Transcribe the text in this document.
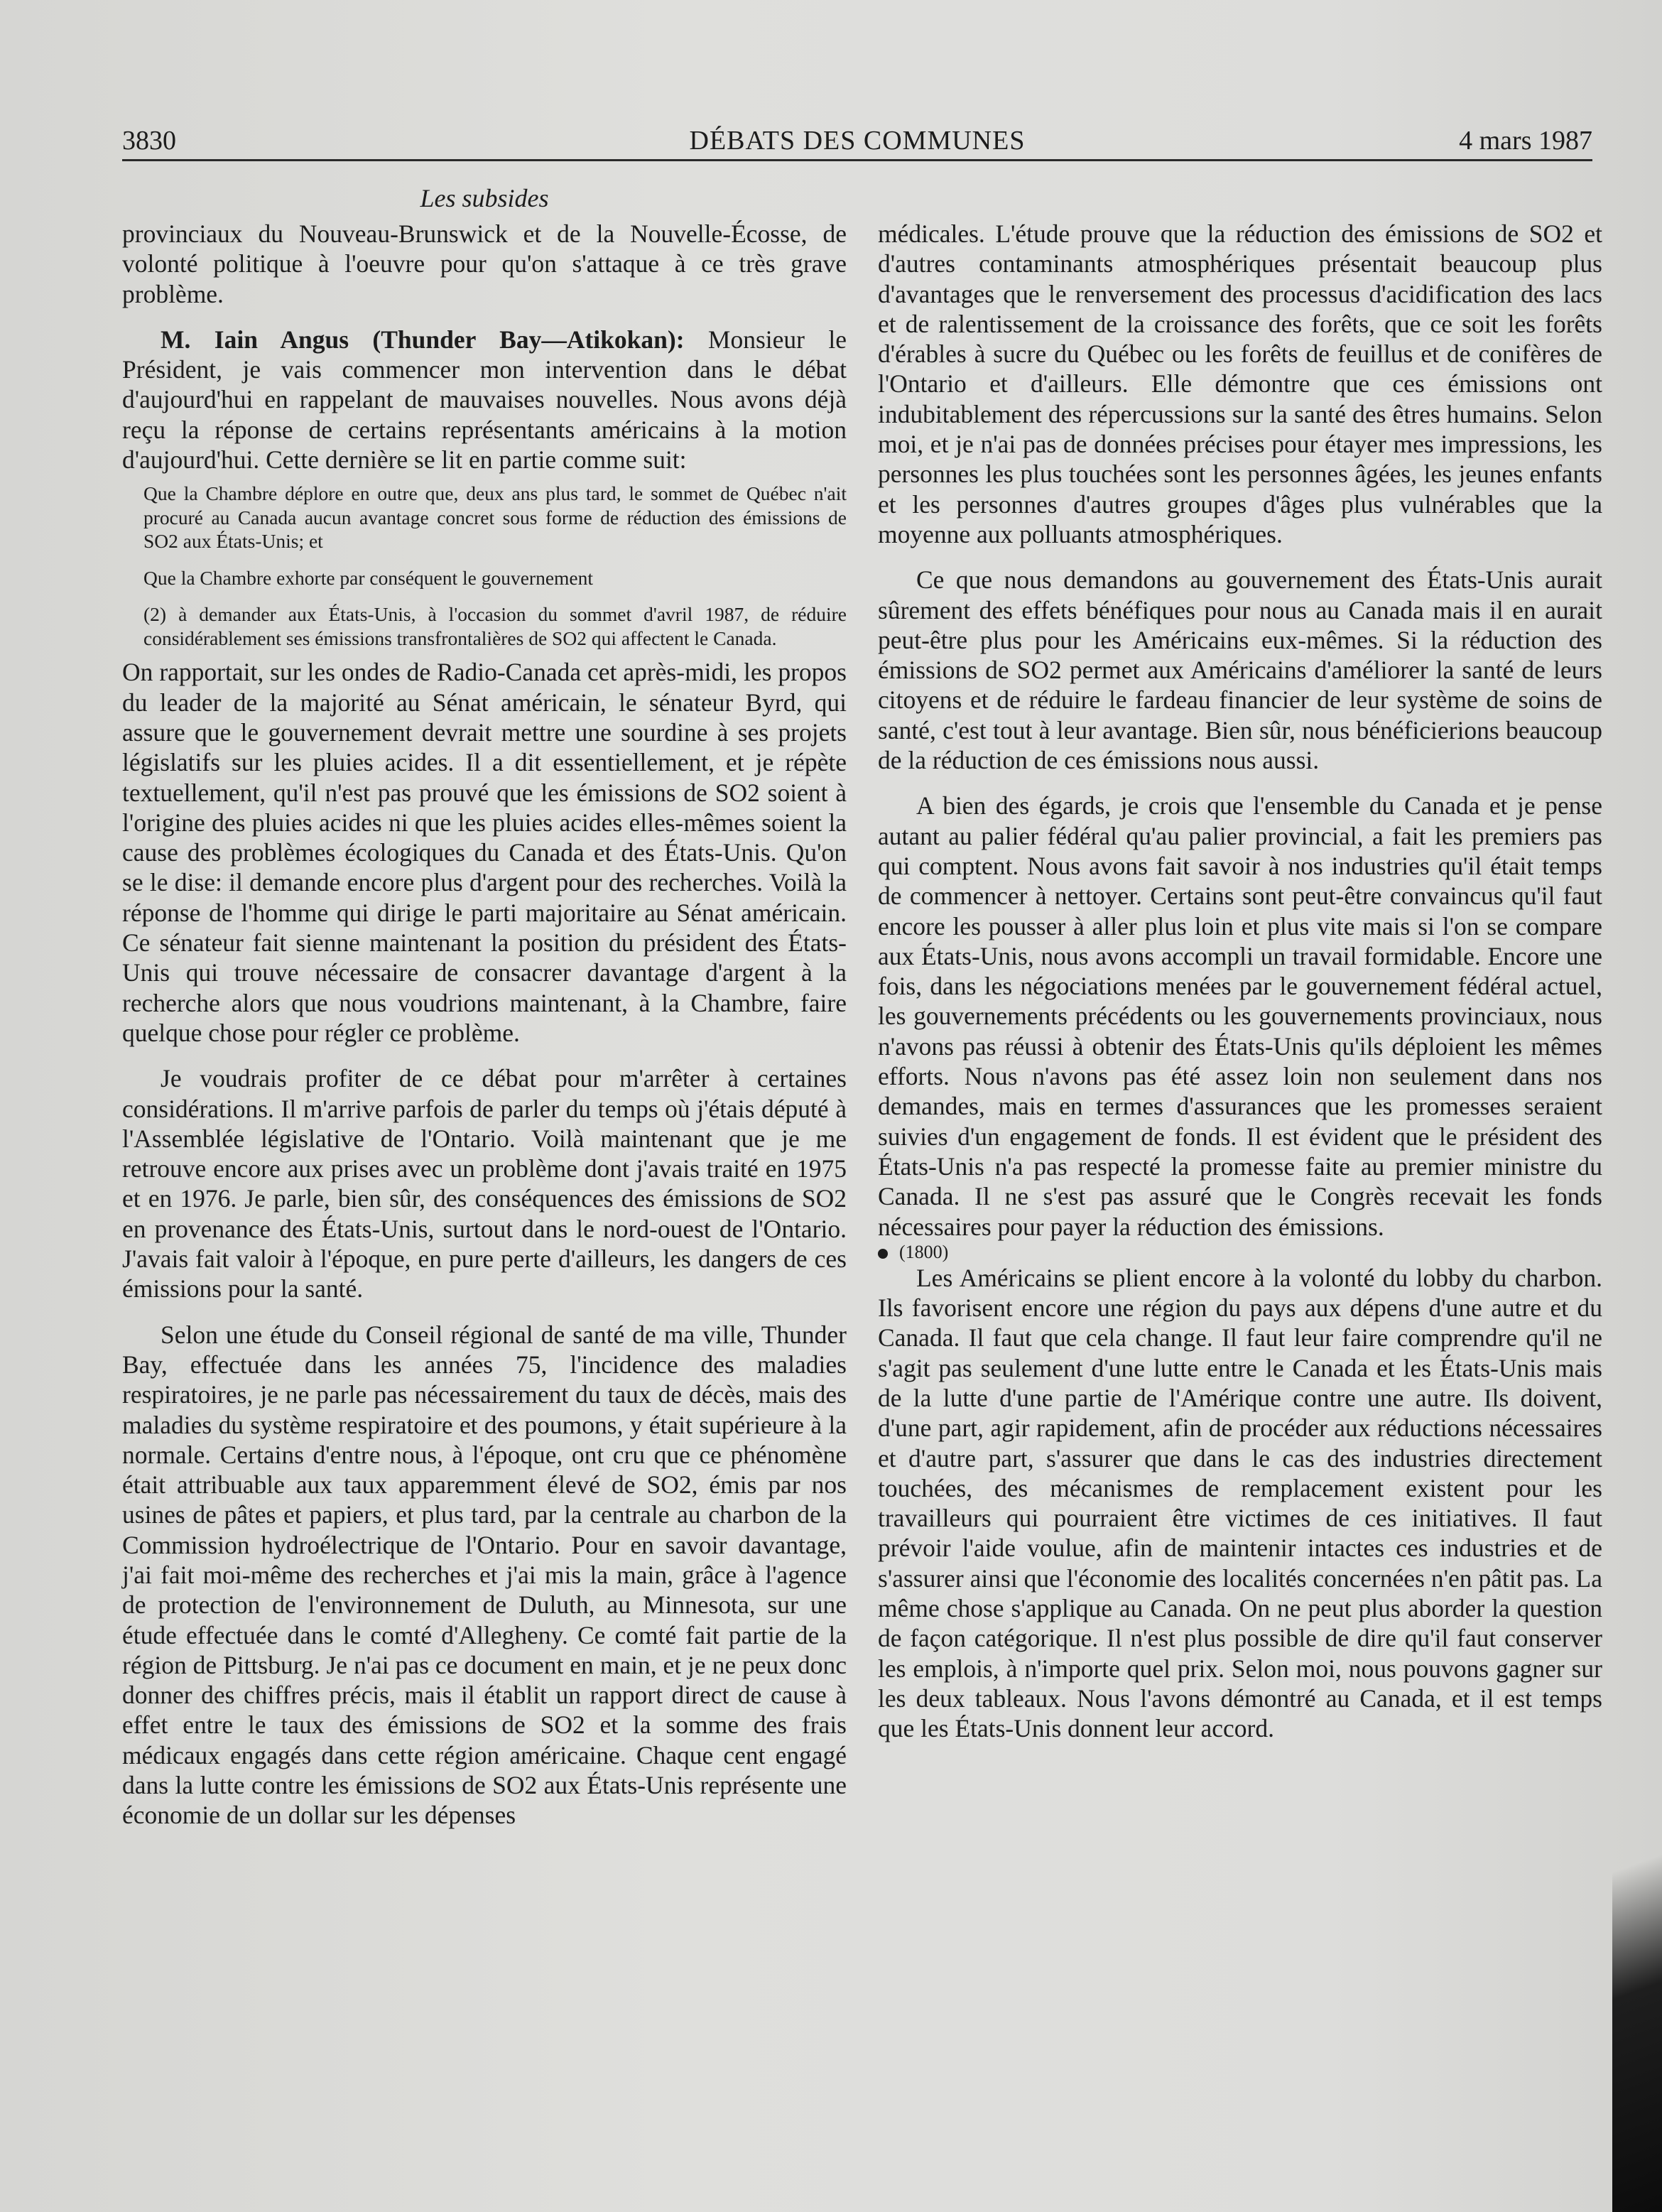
3830	DÉBATS DES COMMUNES	4 mars 1987
Les subsides

provinciaux du Nouveau-Brunswick et de la Nouvelle-Écosse, de volonté politique à l'oeuvre pour qu'on s'attaque à ce très grave problème.

M. Iain Angus (Thunder Bay—Atikokan): Monsieur le Président, je vais commencer mon intervention dans le débat d'aujourd'hui en rappelant de mauvaises nouvelles. Nous avons déjà reçu la réponse de certains représentants américains à la motion d'aujourd'hui. Cette dernière se lit en partie comme suit:

Que la Chambre déplore en outre que, deux ans plus tard, le sommet de Québec n'ait procuré au Canada aucun avantage concret sous forme de réduction des émissions de SO2 aux États-Unis; et

Que la Chambre exhorte par conséquent le gouvernement

(2) à demander aux États-Unis, à l'occasion du sommet d'avril 1987, de réduire considérablement ses émissions transfrontalières de SO2 qui affectent le Canada.

On rapportait, sur les ondes de Radio-Canada cet après-midi, les propos du leader de la majorité au Sénat américain, le sénateur Byrd, qui assure que le gouvernement devrait mettre une sourdine à ses projets législatifs sur les pluies acides. Il a dit essentiellement, et je répète textuellement, qu'il n'est pas prouvé que les émissions de SO2 soient à l'origine des pluies acides ni que les pluies acides elles-mêmes soient la cause des problèmes écologiques du Canada et des États-Unis. Qu'on se le dise: il demande encore plus d'argent pour des recherches. Voilà la réponse de l'homme qui dirige le parti majoritaire au Sénat américain. Ce sénateur fait sienne maintenant la position du président des États-Unis qui trouve nécessaire de consacrer davantage d'argent à la recherche alors que nous voudrions maintenant, à la Chambre, faire quelque chose pour régler ce problème.

Je voudrais profiter de ce débat pour m'arrêter à certaines considérations. Il m'arrive parfois de parler du temps où j'étais député à l'Assemblée législative de l'Ontario. Voilà maintenant que je me retrouve encore aux prises avec un problème dont j'avais traité en 1975 et en 1976. Je parle, bien sûr, des conséquences des émissions de SO2 en provenance des États-Unis, surtout dans le nord-ouest de l'Ontario. J'avais fait valoir à l'époque, en pure perte d'ailleurs, les dangers de ces émissions pour la santé.

Selon une étude du Conseil régional de santé de ma ville, Thunder Bay, effectuée dans les années 75, l'incidence des maladies respiratoires, je ne parle pas nécessairement du taux de décès, mais des maladies du système respiratoire et des poumons, y était supérieure à la normale. Certains d'entre nous, à l'époque, ont cru que ce phénomène était attribuable aux taux apparemment élevé de SO2, émis par nos usines de pâtes et papiers, et plus tard, par la centrale au charbon de la Commission hydroélectrique de l'Ontario. Pour en savoir davantage, j'ai fait moi-même des recherches et j'ai mis la main, grâce à l'agence de protection de l'environnement de Duluth, au Minnesota, sur une étude effectuée dans le comté d'Allegheny. Ce comté fait partie de la région de Pittsburg. Je n'ai pas ce document en main, et je ne peux donc donner des chiffres précis, mais il établit un rapport direct de cause à effet entre le taux des émissions de SO2 et la somme des frais médicaux engagés dans cette région américaine. Chaque cent engagé dans la lutte contre les émissions de SO2 aux États-Unis représente une économie de un dollar sur les dépenses

médicales. L'étude prouve que la réduction des émissions de SO2 et d'autres contaminants atmosphériques présentait beaucoup plus d'avantages que le renversement des processus d'acidification des lacs et de ralentissement de la croissance des forêts, que ce soit les forêts d'érables à sucre du Québec ou les forêts de feuillus et de conifères de l'Ontario et d'ailleurs. Elle démontre que ces émissions ont indubitablement des répercussions sur la santé des êtres humains. Selon moi, et je n'ai pas de données précises pour étayer mes impressions, les personnes les plus touchées sont les personnes âgées, les jeunes enfants et les personnes d'autres groupes d'âges plus vulnérables que la moyenne aux polluants atmosphériques.

Ce que nous demandons au gouvernement des États-Unis aurait sûrement des effets bénéfiques pour nous au Canada mais il en aurait peut-être plus pour les Américains eux-mêmes. Si la réduction des émissions de SO2 permet aux Américains d'améliorer la santé de leurs citoyens et de réduire le fardeau financier de leur système de soins de santé, c'est tout à leur avantage. Bien sûr, nous bénéficierions beaucoup de la réduction de ces émissions nous aussi.

A bien des égards, je crois que l'ensemble du Canada et je pense autant au palier fédéral qu'au palier provincial, a fait les premiers pas qui comptent. Nous avons fait savoir à nos industries qu'il était temps de commencer à nettoyer. Certains sont peut-être convaincus qu'il faut encore les pousser à aller plus loin et plus vite mais si l'on se compare aux États-Unis, nous avons accompli un travail formidable. Encore une fois, dans les négociations menées par le gouvernement fédéral actuel, les gouvernements précédents ou les gouvernements provinciaux, nous n'avons pas réussi à obtenir des États-Unis qu'ils déploient les mêmes efforts. Nous n'avons pas été assez loin non seulement dans nos demandes, mais en termes d'assurances que les promesses seraient suivies d'un engagement de fonds. Il est évident que le président des États-Unis n'a pas respecté la promesse faite au premier ministre du Canada. Il ne s'est pas assuré que le Congrès recevait les fonds nécessaires pour payer la réduction des émissions.

(1800)

Les Américains se plient encore à la volonté du lobby du charbon. Ils favorisent encore une région du pays aux dépens d'une autre et du Canada. Il faut que cela change. Il faut leur faire comprendre qu'il ne s'agit pas seulement d'une lutte entre le Canada et les États-Unis mais de la lutte d'une partie de l'Amérique contre une autre. Ils doivent, d'une part, agir rapidement, afin de procéder aux réductions nécessaires et d'autre part, s'assurer que dans le cas des industries directement touchées, des mécanismes de remplacement existent pour les travailleurs qui pourraient être victimes de ces initiatives. Il faut prévoir l'aide voulue, afin de maintenir intactes ces industries et de s'assurer ainsi que l'économie des localités concernées n'en pâtit pas. La même chose s'applique au Canada. On ne peut plus aborder la question de façon catégorique. Il n'est plus possible de dire qu'il faut conserver les emplois, à n'importe quel prix. Selon moi, nous pouvons gagner sur les deux tableaux. Nous l'avons démontré au Canada, et il est temps que les États-Unis donnent leur accord.
